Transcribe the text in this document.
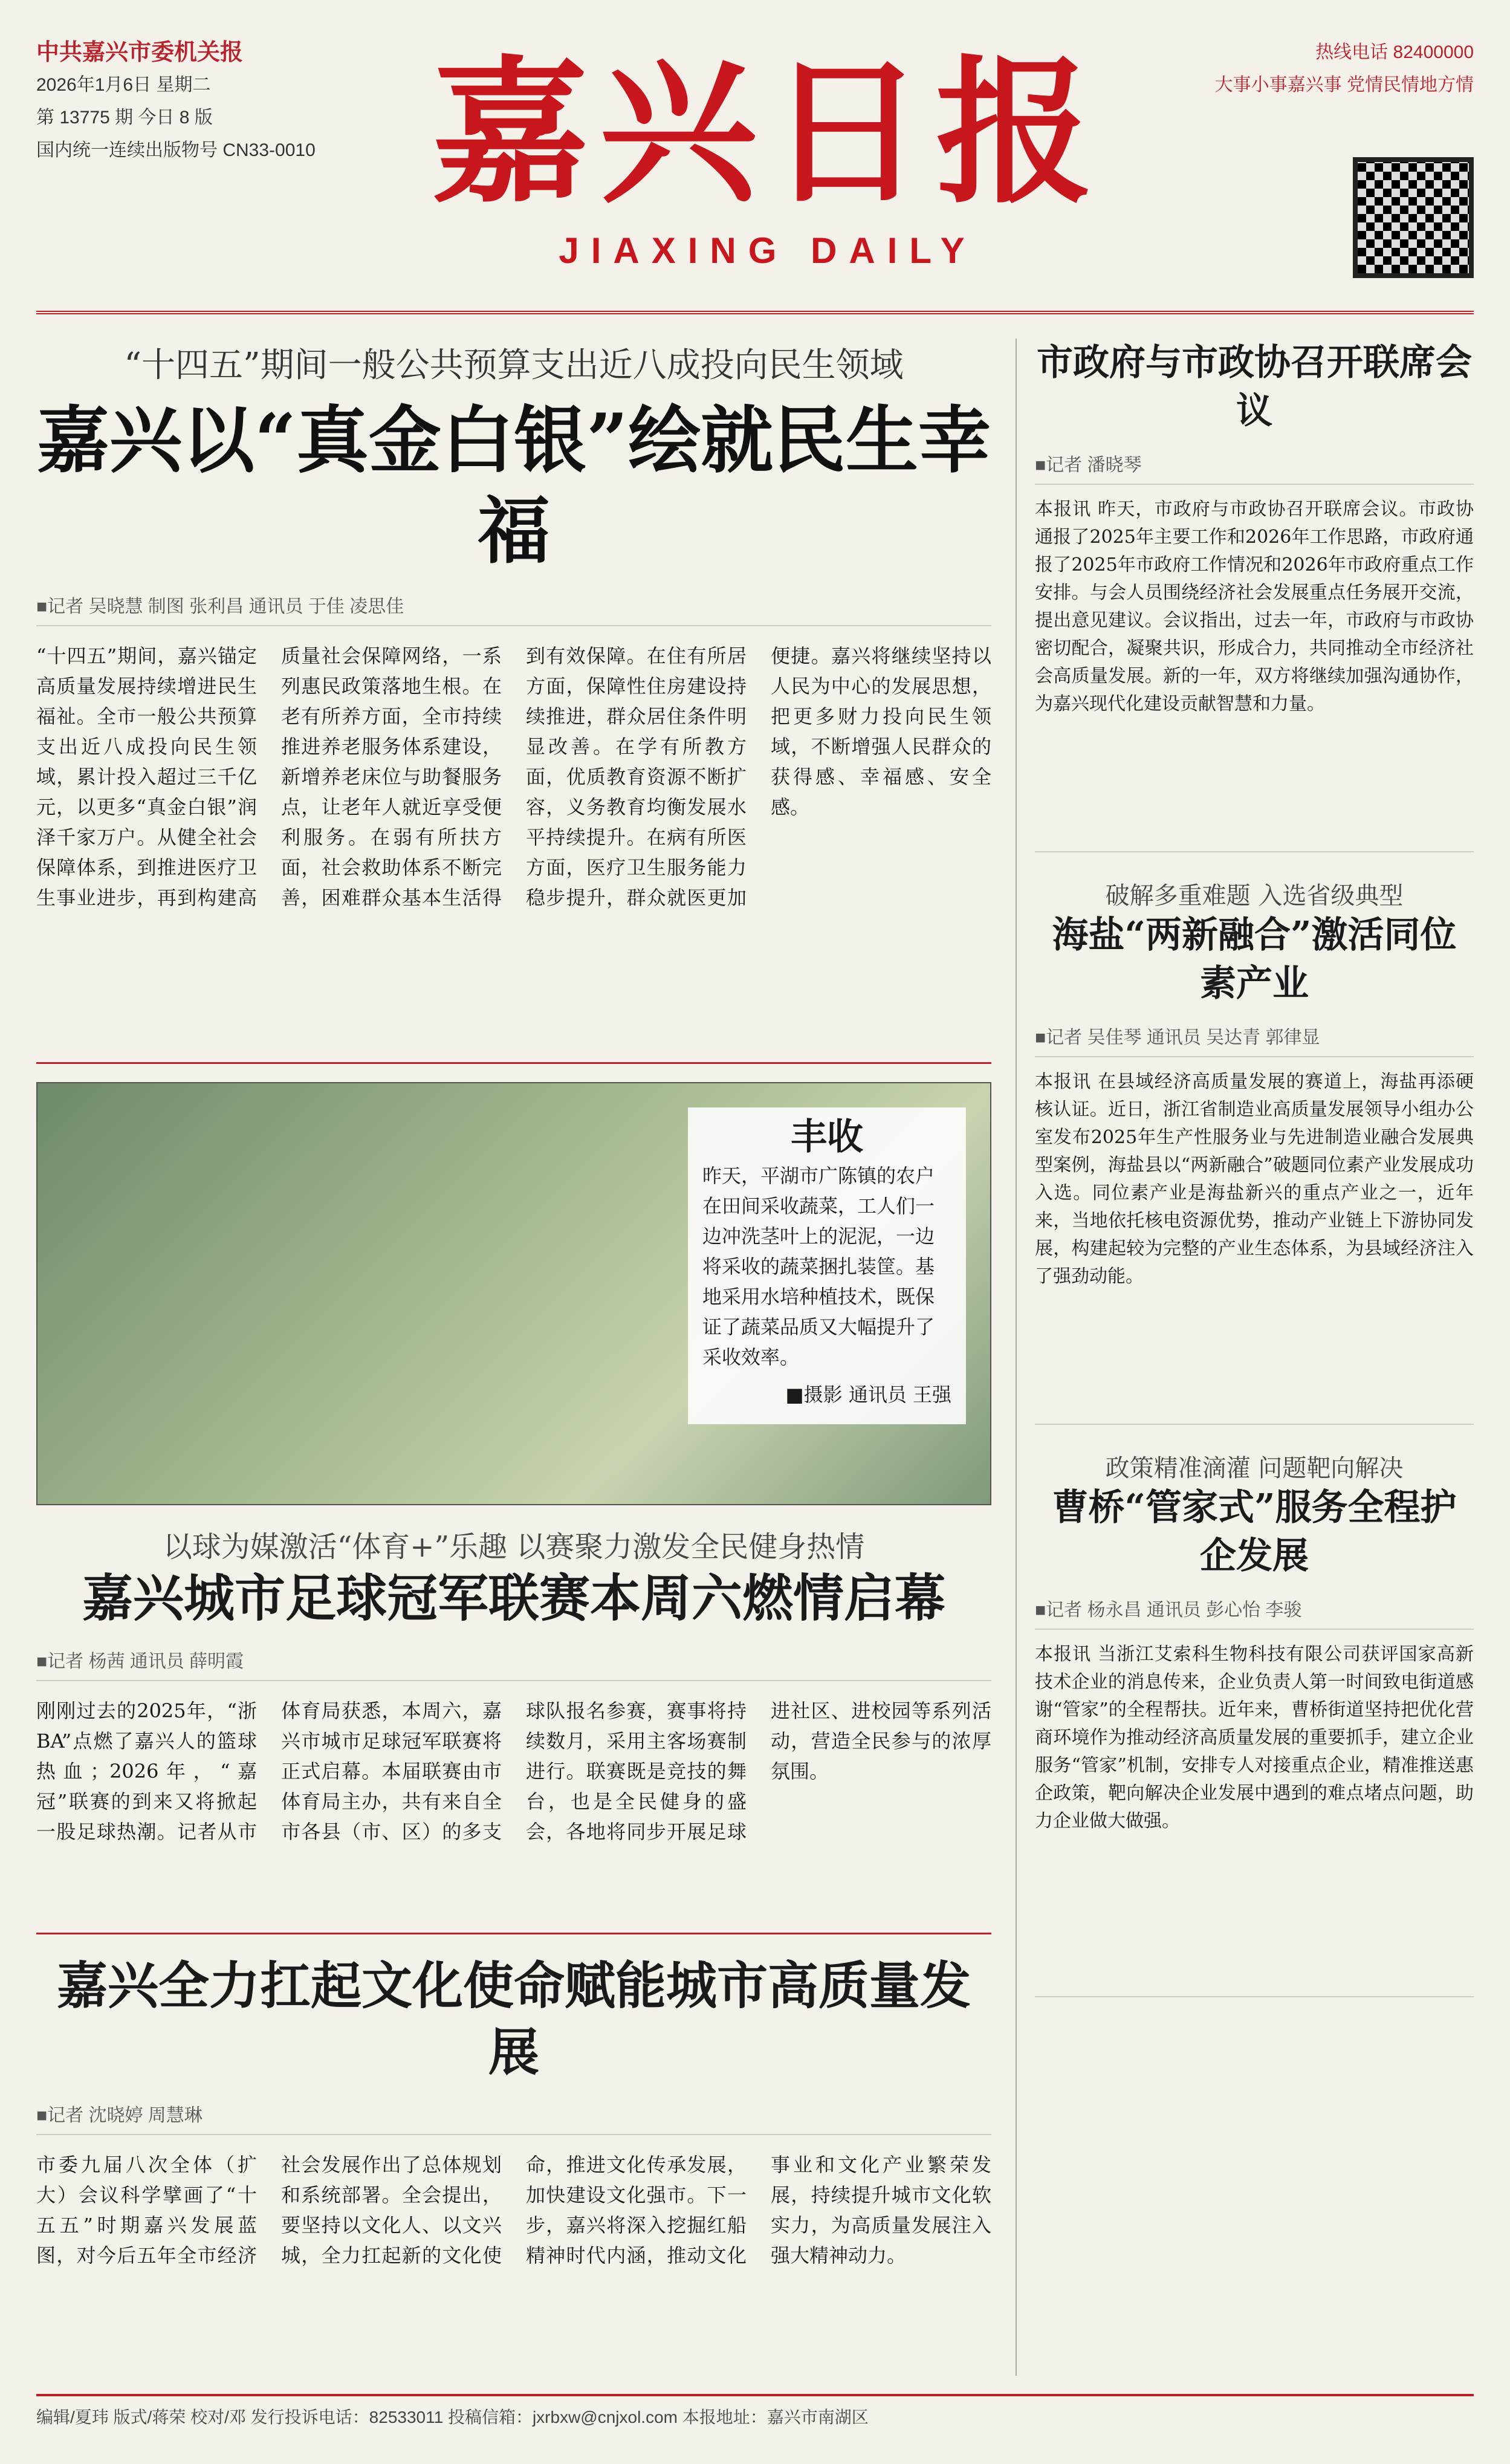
中共嘉兴市委机关报
2026年1月6日 星期二
第 13775 期 今日 8 版
国内统一连续出版物号 CN33-0010 嘉兴日报
JIAXING DAILY
热线电话 82400000
大事小事嘉兴事 党情民情地方情
“十四五”期间一般公共预算支出近八成投向民生领域
嘉兴以“真金白银”绘就民生幸福
■记者 吴晓慧 制图 张利昌 通讯员 于佳 凌思佳
“十四五”期间，嘉兴锚定高质量发展持续增进民生福祉。全市一般公共预算支出近八成投向民生领域，累计投入超过三千亿元，以更多“真金白银”润泽千家万户。从健全社会保障体系，到推进医疗卫生事业进步，再到构建高质量社会保障网络，一系列惠民政策落地生根。在老有所养方面，全市持续推进养老服务体系建设，新增养老床位与助餐服务点，让老年人就近享受便利服务。在弱有所扶方面，社会救助体系不断完善，困难群众基本生活得到有效保障。在住有所居方面，保障性住房建设持续推进，群众居住条件明显改善。在学有所教方面，优质教育资源不断扩容，义务教育均衡发展水平持续提升。在病有所医方面，医疗卫生服务能力稳步提升，群众就医更加便捷。嘉兴将继续坚持以人民为中心的发展思想，把更多财力投向民生领域，不断增强人民群众的获得感、幸福感、安全感。
丰收
昨天，平湖市广陈镇的农户在田间采收蔬菜，工人们一边冲洗茎叶上的泥泥，一边将采收的蔬菜捆扎装筐。基地采用水培种植技术，既保证了蔬菜品质又大幅提升了采收效率。
■摄影 通讯员 王强
以球为媒激活“体育+”乐趣 以赛聚力激发全民健身热情
嘉兴城市足球冠军联赛本周六燃情启幕
■记者 杨茜 通讯员 薛明霞
刚刚过去的2025年，“浙BA”点燃了嘉兴人的篮球热血；2026年，“嘉冠”联赛的到来又将掀起一股足球热潮。记者从市体育局获悉，本周六，嘉兴市城市足球冠军联赛将正式启幕。本届联赛由市体育局主办，共有来自全市各县（市、区）的多支球队报名参赛，赛事将持续数月，采用主客场赛制进行。联赛既是竞技的舞台，也是全民健身的盛会，各地将同步开展足球进社区、进校园等系列活动，营造全民参与的浓厚氛围。
嘉兴全力扛起文化使命赋能城市高质量发展
■记者 沈晓婷 周慧琳
市委九届八次全体（扩大）会议科学擘画了“十五五”时期嘉兴发展蓝图，对今后五年全市经济社会发展作出了总体规划和系统部署。全会提出，要坚持以文化人、以文兴城，全力扛起新的文化使命，推进文化传承发展，加快建设文化强市。下一步，嘉兴将深入挖掘红船精神时代内涵，推动文化事业和文化产业繁荣发展，持续提升城市文化软实力，为高质量发展注入强大精神动力。
市政府与市政协召开联席会议
■记者 潘晓琴
本报讯 昨天，市政府与市政协召开联席会议。市政协通报了2025年主要工作和2026年工作思路，市政府通报了2025年市政府工作情况和2026年市政府重点工作安排。与会人员围绕经济社会发展重点任务展开交流，提出意见建议。会议指出，过去一年，市政府与市政协密切配合，凝聚共识，形成合力，共同推动全市经济社会高质量发展。新的一年，双方将继续加强沟通协作，为嘉兴现代化建设贡献智慧和力量。
破解多重难题 入选省级典型
海盐“两新融合”激活同位素产业
■记者 吴佳琴 通讯员 吴达青 郭律显
本报讯 在县域经济高质量发展的赛道上，海盐再添硬核认证。近日，浙江省制造业高质量发展领导小组办公室发布2025年生产性服务业与先进制造业融合发展典型案例，海盐县以“两新融合”破题同位素产业发展成功入选。同位素产业是海盐新兴的重点产业之一，近年来，当地依托核电资源优势，推动产业链上下游协同发展，构建起较为完整的产业生态体系，为县域经济注入了强劲动能。
政策精准滴灌 问题靶向解决
曹桥“管家式”服务全程护企发展
■记者 杨永昌 通讯员 彭心怡 李骏
本报讯 当浙江艾索科生物科技有限公司获评国家高新技术企业的消息传来，企业负责人第一时间致电街道感谢“管家”的全程帮扶。近年来，曹桥街道坚持把优化营商环境作为推动经济高质量发展的重要抓手，建立企业服务“管家”机制，安排专人对接重点企业，精准推送惠企政策，靶向解决企业发展中遇到的难点堵点问题，助力企业做大做强。
编辑/夏玮 版式/蒋荣 校对/邓 发行投诉电话：82533011 投稿信箱：jxrbxw@cnjxol.com 本报地址：嘉兴市南湖区
